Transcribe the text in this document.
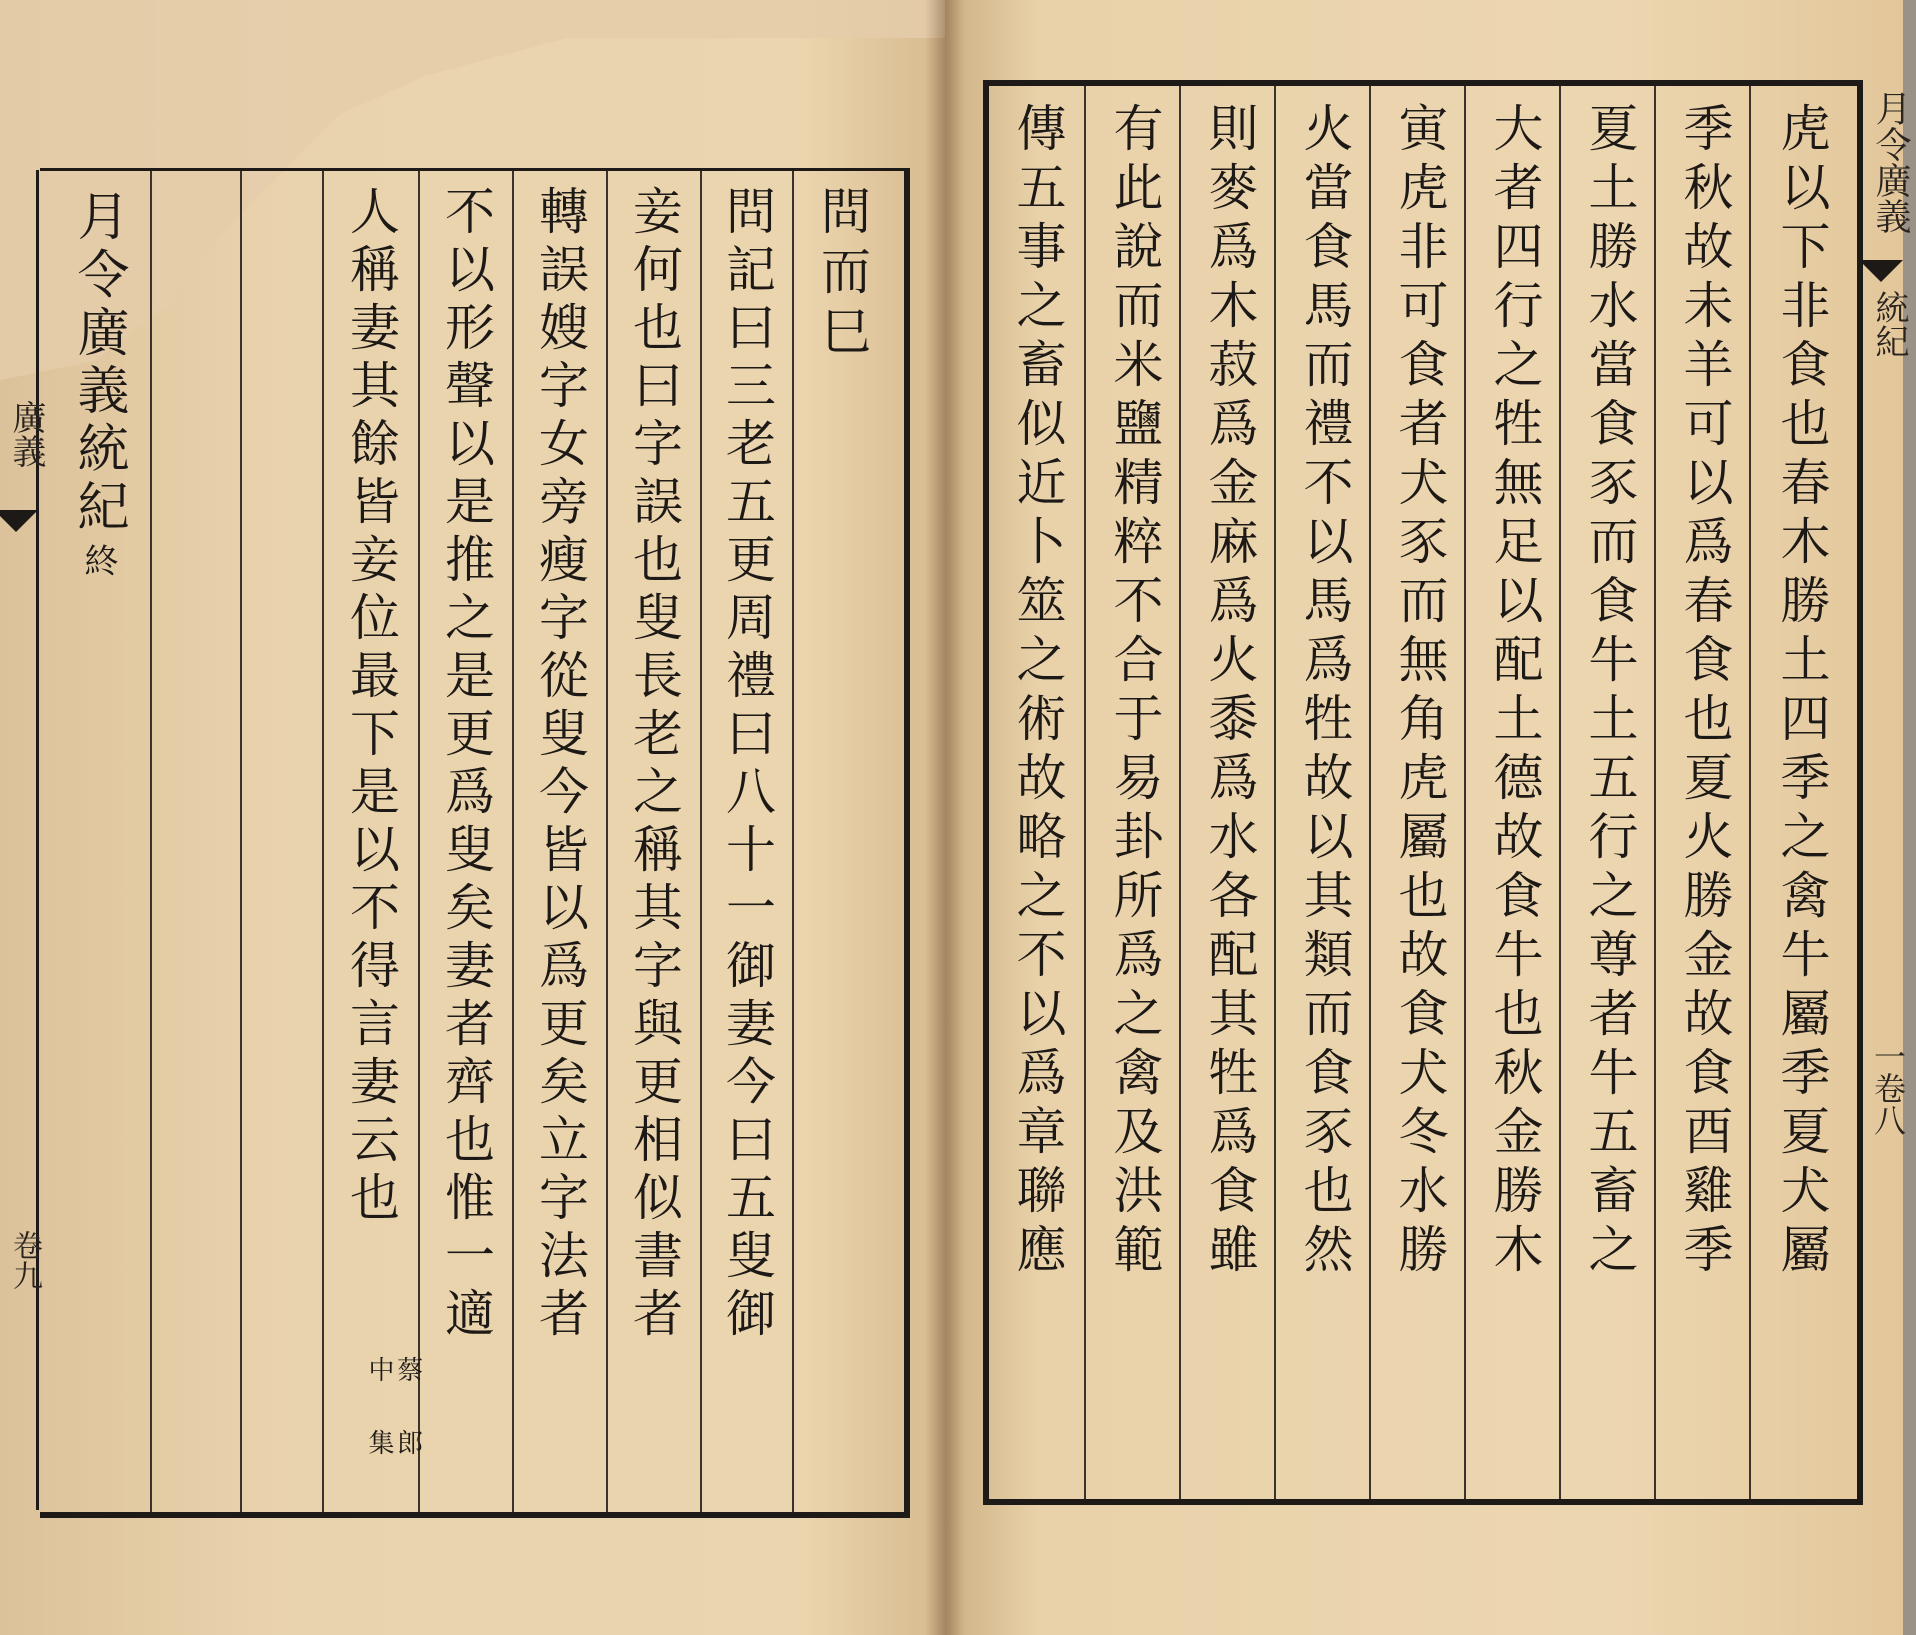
月令廣義統紀
終
問而巳
問記曰三老五更周禮曰八十一御妻今曰五叟御
妾何也曰字誤也叟長老之稱其字與更相似書者
轉誤嫂字女旁瘦字從叟今皆以爲更矣立字法者
不以形聲以是推之是更爲叟矣妻者齊也惟一適
人稱妻其餘皆妾位最下是以不得言妻云也
蔡中郎集
廣義
卷九	虎以下非食也春木勝土四季之禽牛屬季夏犬屬
季秋故未羊可以爲春食也夏火勝金故食酉雞季
夏土勝水當食豕而食牛土五行之尊者牛五畜之
大者四行之牲無足以配土德故食牛也秋金勝木
寅虎非可食者犬豕而無角虎屬也故食犬冬水勝
火當食馬而禮不以馬爲牲故以其類而食豕也然
則麥爲木菽爲金麻爲火黍爲水各配其牲爲食雖
有此說而米鹽精粹不合于易卦所爲之禽及洪範
傳五事之畜似近卜筮之術故略之不以爲章聯應	月令廣義
統紀
一卷八
